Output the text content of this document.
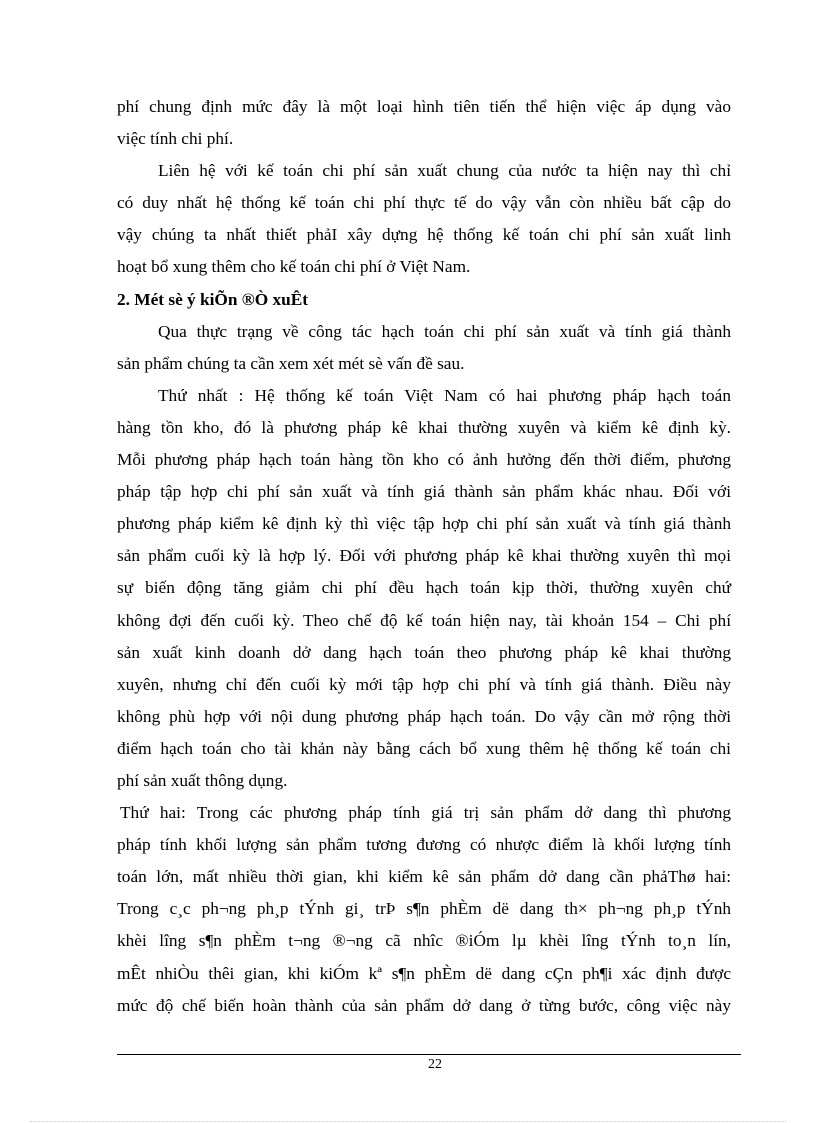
phí chung định mức đây là một loại hình tiên tiến thể hiện việc áp dụng vào
việc tính chi phí.
Liên hệ với kế toán chi phí sản xuất chung của nước ta hiện nay thì chỉ
có duy nhất hệ thống kế toán chi phí thực tế do vậy vẫn còn nhiều bất cập do
vậy chúng ta nhất thiết phảI xây dựng hệ thống kế toán chi phí sản xuất linh
hoạt bổ xung thêm cho kế toán chi phí ở Việt Nam.
2. Mét sè ý kiÕn ®Ò xuÊt
Qua thực trạng về công tác hạch toán chi phí sản xuất và tính giá thành
sản phẩm chúng ta cần xem xét mét sè vấn đề sau.
Thứ nhất : Hệ thống kế toán Việt Nam có hai phương pháp hạch toán
hàng tồn kho, đó là phương pháp kê khai thường xuyên và kiểm kê định kỳ.
Mỗi phương pháp hạch toán hàng tồn kho có ảnh hưởng đến thời điểm, phương
pháp tập hợp chi phí sản xuất và tính giá thành sản phẩm khác nhau. Đối với
phương pháp kiểm kê định kỳ thì việc tập hợp chi phí sản xuất và tính giá thành
sản phẩm cuối kỳ là hợp lý. Đối với phương pháp kê khai thường xuyên thì mọi
sự biến động tăng giảm chi phí đều hạch toán kịp thời, thường xuyên chứ
không đợi đến cuối kỳ. Theo chế độ kế toán hiện nay, tài khoản 154 – Chi phí
sản xuất kinh doanh dở dang hạch toán theo phương pháp kê khai thường
xuyên, nhưng chỉ đến cuối kỳ mới tập hợp chi phí và tính giá thành. Điều này
không phù hợp với nội dung phương pháp hạch toán. Do vậy cần mở rộng thời
điểm hạch toán cho tài khản này bằng cách bổ xung thêm hệ thống kế toán chi
phí sản xuất thông dụng.
Thứ hai: Trong các phương pháp tính giá trị sản phẩm dở dang thì phương
pháp tính khối lượng sản phẩm tương đương có nhược điểm là khối lượng tính
toán lớn, mất nhiều thời gian, khi kiểm kê sản phẩm dở dang cần phảThø hai:
Trong c¸c ph¬ng ph¸p tÝnh gi¸ trÞ s¶n phÈm dë dang th× ph¬ng ph¸p tÝnh
khèi lîng s¶n phÈm t¬ng ®¬ng cã nhîc ®iÓm lµ khèi lîng tÝnh to¸n lín,
mÊt nhiÒu thêi gian, khi kiÓm kª s¶n phÈm dë dang cÇn ph¶i xác định được
mức độ chế biến hoàn thành của sản phẩm dở dang ở từng bước, công việc này
22
